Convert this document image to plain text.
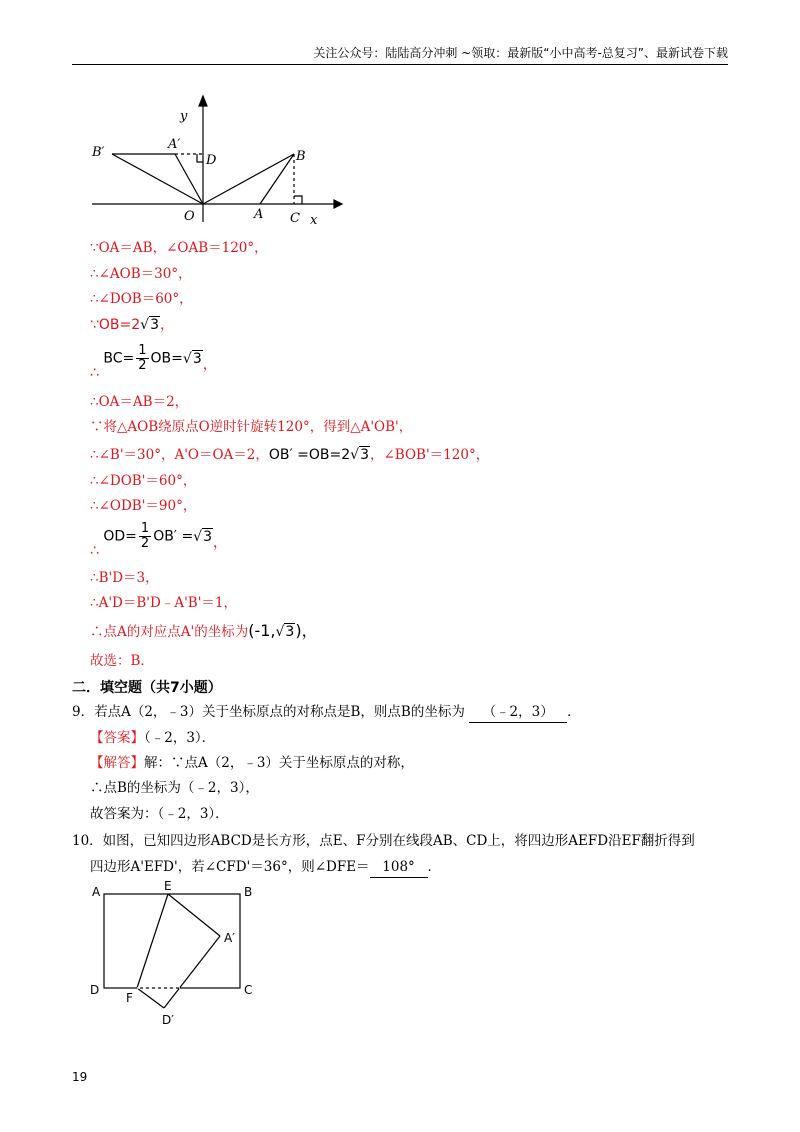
关注公众号：陆陆高分冲刺 ~领取：最新版“小中高考-总复习”、最新试卷下载
y
x
O	A
B
C
D
B′
A′
∵OA＝AB，∠OAB＝120°，
∴∠AOB＝30°，
∴∠DOB＝60°，
∵OB=2√3，
∴ $BC= \frac{1}{2} OB=√3$，
∴OA＝AB＝2，
∵将△AOB绕原点O逆时针旋转120°，得到△A'OB'，
∴∠B'＝30°，A'O＝OA＝2，OB′ =OB=2√3，∠BOB'＝120°，
∴∠DOB'＝60°，
∴∠ODB'＝90°，
∴ $OD= \frac{1}{2} OB' =√3$，
∴B'D＝3，
∴A'D＝B'D﹣A'B'＝1，
∴点A的对应点A'的坐标为(-1,√3)，
故选：B．
二．填空题（共7小题）
9．若点A（2，﹣3）关于坐标原点的对称点是B，则点B的坐标为 （﹣2，3） ．
【答案】（﹣2，3）．
【解答】解：∵点A（2，﹣3）关于坐标原点的对称，
∴点B的坐标为（﹣2，3），
故答案为：（﹣2，3）．
10．如图，已知四边形ABCD是长方形，点E、F分别在线段AB、CD上，将四边形AEFD沿EF翻折得到
四边形A'EFD'，若∠CFD'＝36°，则∠DFE＝ 108° ．
A	B
C
D
E
F
A′
D′
19
